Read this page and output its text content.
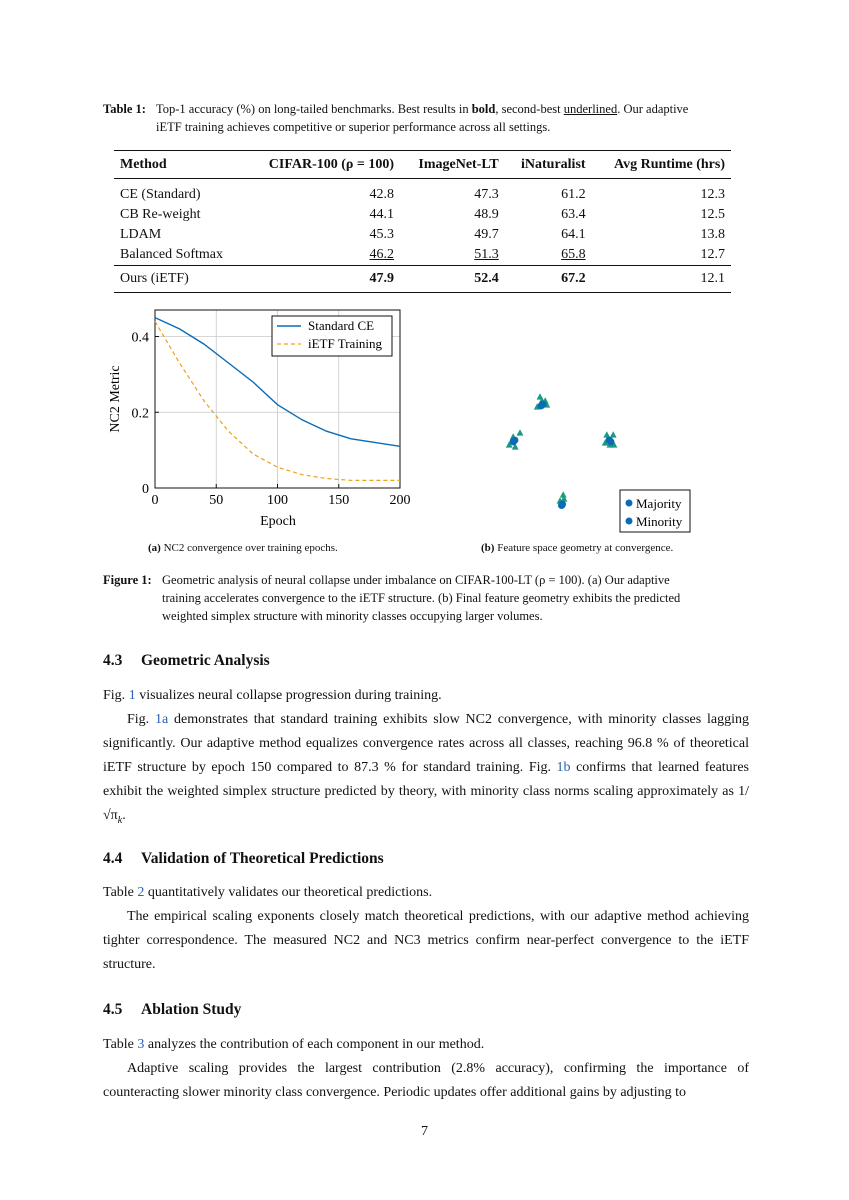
Table 1: Top-1 accuracy (%) on long-tailed benchmarks. Best results in bold, second-best underlined. Our adaptive
iETF training achieves competitive or superior performance across all settings.
Method	CIFAR-100 (ρ = 100)	ImageNet-LT	iNaturalist	Avg Runtime (hrs)
CE (Standard)	42.8	47.3	61.2	12.3
CB Re-weight	44.1	48.9	63.4	12.5
LDAM	45.3	49.7	64.1	13.8
Balanced Softmax	46.2	51.3	65.8	12.7
Ours (iETF)	47.9	52.4	67.2	12.1
0	50	100	150	200
0
0.2
0.4
Standard CE
iETF Training
Epoch
NC2 Metric
Majority
Minority
(a) NC2 convergence over training epochs.	(b) Feature space geometry at convergence.
Figure 1: Geometric analysis of neural collapse under imbalance on CIFAR-100-LT (ρ = 100). (a) Our adaptive
training accelerates convergence to the iETF structure. (b) Final feature geometry exhibits the predicted
weighted simplex structure with minority classes occupying larger volumes.
4.3 Geometric Analysis

Fig. 1 visualizes neural collapse progression during training.

Fig. 1a demonstrates that standard training exhibits slow NC2 convergence, with minority classes lagging significantly. Our adaptive method equalizes convergence rates across all classes, reaching 96.8 % of theoretical iETF structure by epoch 150 compared to 87.3 % for standard training. Fig. 1b confirms that learned features exhibit the weighted simplex structure predicted by theory, with minority class norms scaling approximately as $1/√\pi_k$.

4.4 Validation of Theoretical Predictions

Table 2 quantitatively validates our theoretical predictions.

The empirical scaling exponents closely match theoretical predictions, with our adaptive method achieving tighter correspondence. The measured NC2 and NC3 metrics confirm near-perfect convergence to the iETF structure.

4.5 Ablation Study

Table 3 analyzes the contribution of each component in our method.

Adaptive scaling provides the largest contribution (2.8% accuracy), confirming the importance of counteracting slower minority class convergence. Periodic updates offer additional gains by adjusting to

7
